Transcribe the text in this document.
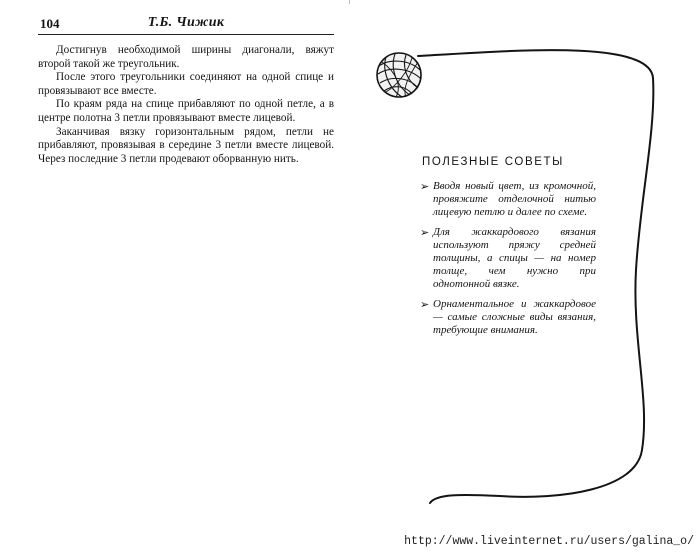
104	Т.Б. Чижик

Достигнув необходимой ширины диагонали, вяжут второй такой же треугольник.

После этого треугольники соединяют на одной спице и провязывают все вместе.

По краям ряда на спице прибавляют по одной петле, а в центре полотна 3 петли провязывают вместе лицевой.

Заканчивая вязку горизонтальным рядом, петли не прибавляют, провязывая в середине 3 петли вместе лицевой. Через последние 3 петли продевают оборванную нить.	ПОЛЕЗНЫЕ СОВЕТЫ
➢ Вводя новый цвет, из кромочной, провяжите отделочной нитью лицевую петлю и далее по схеме.
➢ Для жаккардового вязания используют пряжу средней толщины, а спицы — на номер толще, чем нужно при однотонной вязке.
➢ Орнаментальное и жаккардовое — самые сложные виды вязания, требующие внимания.
http://www.liveinternet.ru/users/galina_o/
